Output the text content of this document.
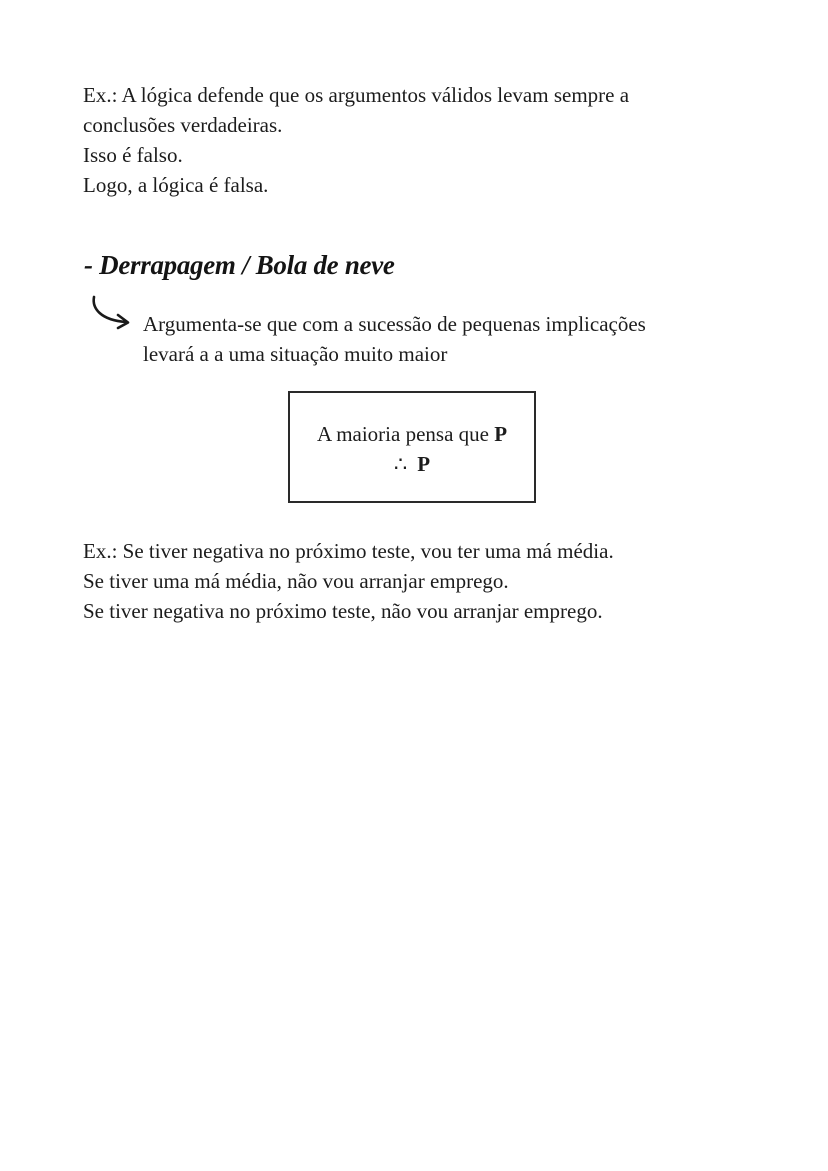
Ex.: A lógica defende que os argumentos válidos levam sempre a
conclusões verdadeiras.
Isso é falso.
Logo, a lógica é falsa.
- Derrapagem / Bola de neve
Argumenta-se que com a sucessão de pequenas implicações
levará a a uma situação muito maior
A maioria pensa que P
∴ P
Ex.: Se tiver negativa no próximo teste, vou ter uma má média.
Se tiver uma má média, não vou arranjar emprego.
Se tiver negativa no próximo teste, não vou arranjar emprego.
